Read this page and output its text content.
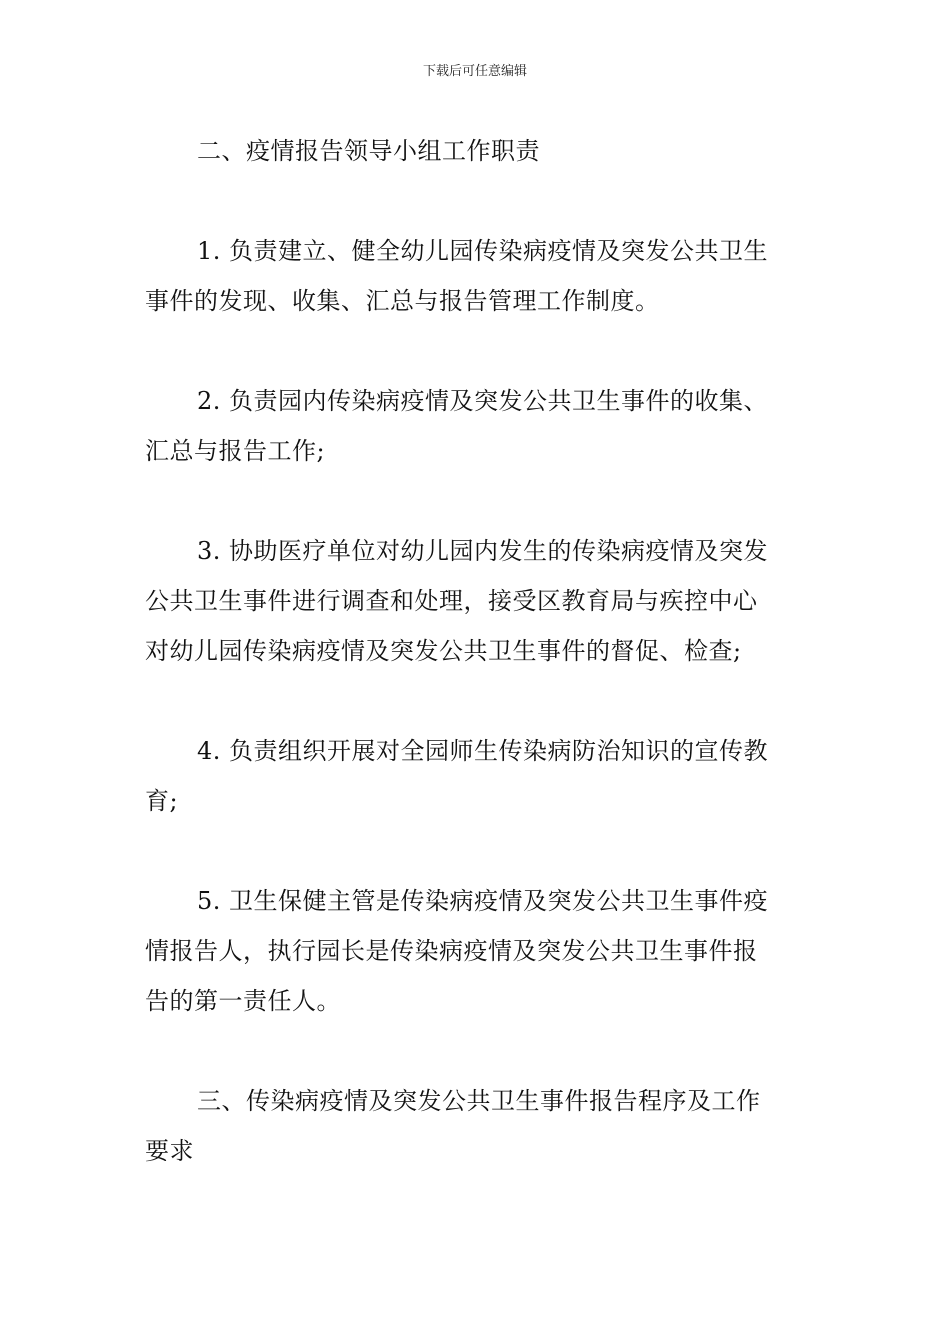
下载后可任意编辑

二、疫情报告领导小组工作职责

1. 负责建立、健全幼儿园传染病疫情及突发公共卫生
事件的发现、收集、汇总与报告管理工作制度。

2. 负责园内传染病疫情及突发公共卫生事件的收集、
汇总与报告工作;

3. 协助医疗单位对幼儿园内发生的传染病疫情及突发
公共卫生事件进行调查和处理，接受区教育局与疾控中心
对幼儿园传染病疫情及突发公共卫生事件的督促、检查;

4. 负责组织开展对全园师生传染病防治知识的宣传教
育;

5. 卫生保健主管是传染病疫情及突发公共卫生事件疫
情报告人，执行园长是传染病疫情及突发公共卫生事件报
告的第一责任人。

三、传染病疫情及突发公共卫生事件报告程序及工作
要求
